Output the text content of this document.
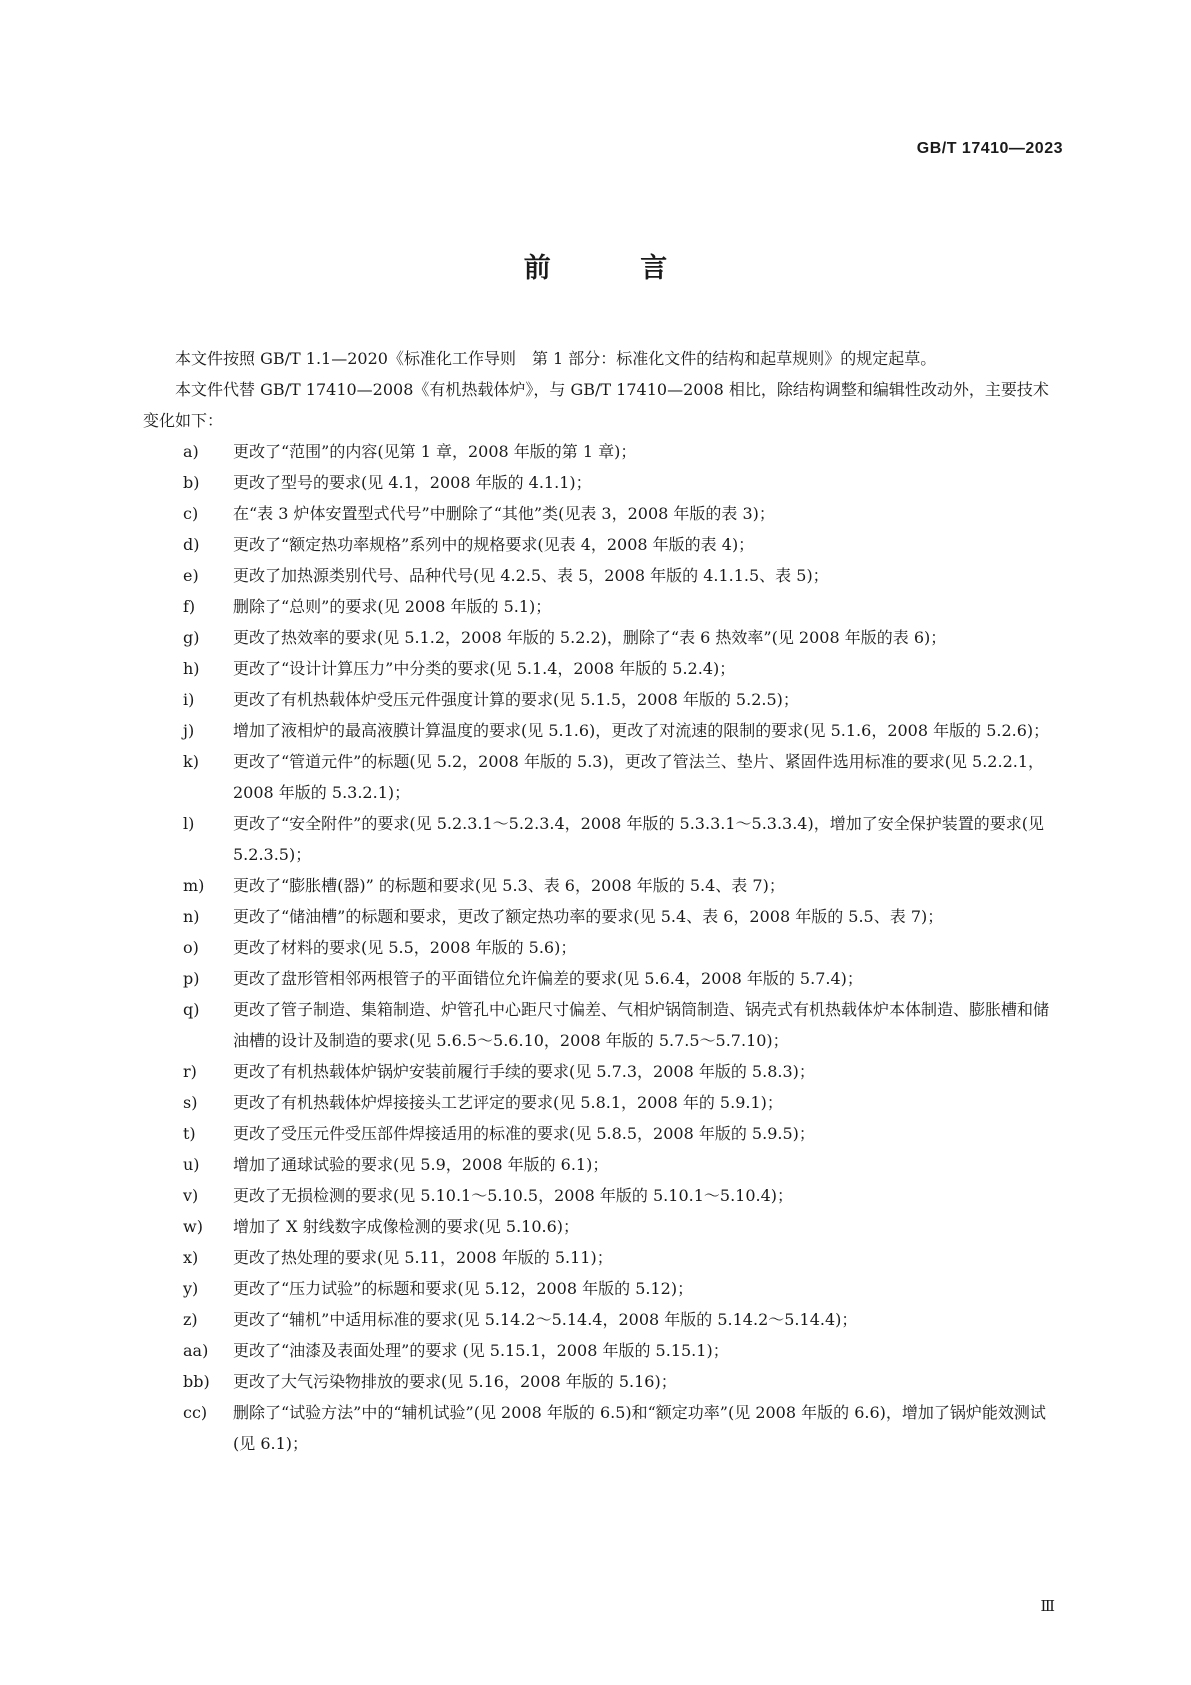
GB/T 17410—2023
前 言

本文件按照 GB/T 1.1—2020《标准化工作导则　第 1 部分：标准化文件的结构和起草规则》的规定起草。

本文件代替 GB/T 17410—2008《有机热载体炉》，与 GB/T 17410—2008 相比，除结构调整和编辑性改动外，主要技术变化如下：

a)	更改了“范围”的内容(见第 1 章，2008 年版的第 1 章)；
b)	更改了型号的要求(见 4.1，2008 年版的 4.1.1)；
c)	在“表 3 炉体安置型式代号”中删除了“其他”类(见表 3，2008 年版的表 3)；
d)	更改了“额定热功率规格”系列中的规格要求(见表 4，2008 年版的表 4)；
e)	更改了加热源类别代号、品种代号(见 4.2.5、表 5，2008 年版的 4.1.1.5、表 5)；
f)	删除了“总则”的要求(见 2008 年版的 5.1)；
g)	更改了热效率的要求(见 5.1.2，2008 年版的 5.2.2)，删除了“表 6 热效率”(见 2008 年版的表 6)；
h)	更改了“设计计算压力”中分类的要求(见 5.1.4，2008 年版的 5.2.4)；
i)	更改了有机热载体炉受压元件强度计算的要求(见 5.1.5，2008 年版的 5.2.5)；
j)	增加了液相炉的最高液膜计算温度的要求(见 5.1.6)，更改了对流速的限制的要求(见 5.1.6，2008 年版的 5.2.6)；
k)	更改了“管道元件”的标题(见 5.2，2008 年版的 5.3)，更改了管法兰、垫片、紧固件选用标准的要求(见 5.2.2.1，2008 年版的 5.3.2.1)；
l)	更改了“安全附件”的要求(见 5.2.3.1～5.2.3.4，2008 年版的 5.3.3.1～5.3.3.4)，增加了安全保护装置的要求(见 5.2.3.5)；
m)	更改了“膨胀槽(器)” 的标题和要求(见 5.3、表 6，2008 年版的 5.4、表 7)；
n)	更改了“储油槽”的标题和要求，更改了额定热功率的要求(见 5.4、表 6，2008 年版的 5.5、表 7)；
o)	更改了材料的要求(见 5.5，2008 年版的 5.6)；
p)	更改了盘形管相邻两根管子的平面错位允许偏差的要求(见 5.6.4，2008 年版的 5.7.4)；
q)	更改了管子制造、集箱制造、炉管孔中心距尺寸偏差、气相炉锅筒制造、锅壳式有机热载体炉本体制造、膨胀槽和储油槽的设计及制造的要求(见 5.6.5～5.6.10，2008 年版的 5.7.5～5.7.10)；
r)	更改了有机热载体炉锅炉安装前履行手续的要求(见 5.7.3，2008 年版的 5.8.3)；
s)	更改了有机热载体炉焊接接头工艺评定的要求(见 5.8.1，2008 年的 5.9.1)；
t)	更改了受压元件受压部件焊接适用的标准的要求(见 5.8.5，2008 年版的 5.9.5)；
u)	增加了通球试验的要求(见 5.9，2008 年版的 6.1)；
v)	更改了无损检测的要求(见 5.10.1～5.10.5，2008 年版的 5.10.1～5.10.4)；
w)	增加了 X 射线数字成像检测的要求(见 5.10.6)；
x)	更改了热处理的要求(见 5.11，2008 年版的 5.11)；
y)	更改了“压力试验”的标题和要求(见 5.12，2008 年版的 5.12)；
z)	更改了“辅机”中适用标准的要求(见 5.14.2～5.14.4，2008 年版的 5.14.2～5.14.4)；
aa)	更改了“油漆及表面处理”的要求 (见 5.15.1，2008 年版的 5.15.1)；
bb)	更改了大气污染物排放的要求(见 5.16，2008 年版的 5.16)；
cc)	删除了“试验方法”中的“辅机试验”(见 2008 年版的 6.5)和“额定功率”(见 2008 年版的 6.6)，增加了锅炉能效测试(见 6.1)；
Ⅲ
